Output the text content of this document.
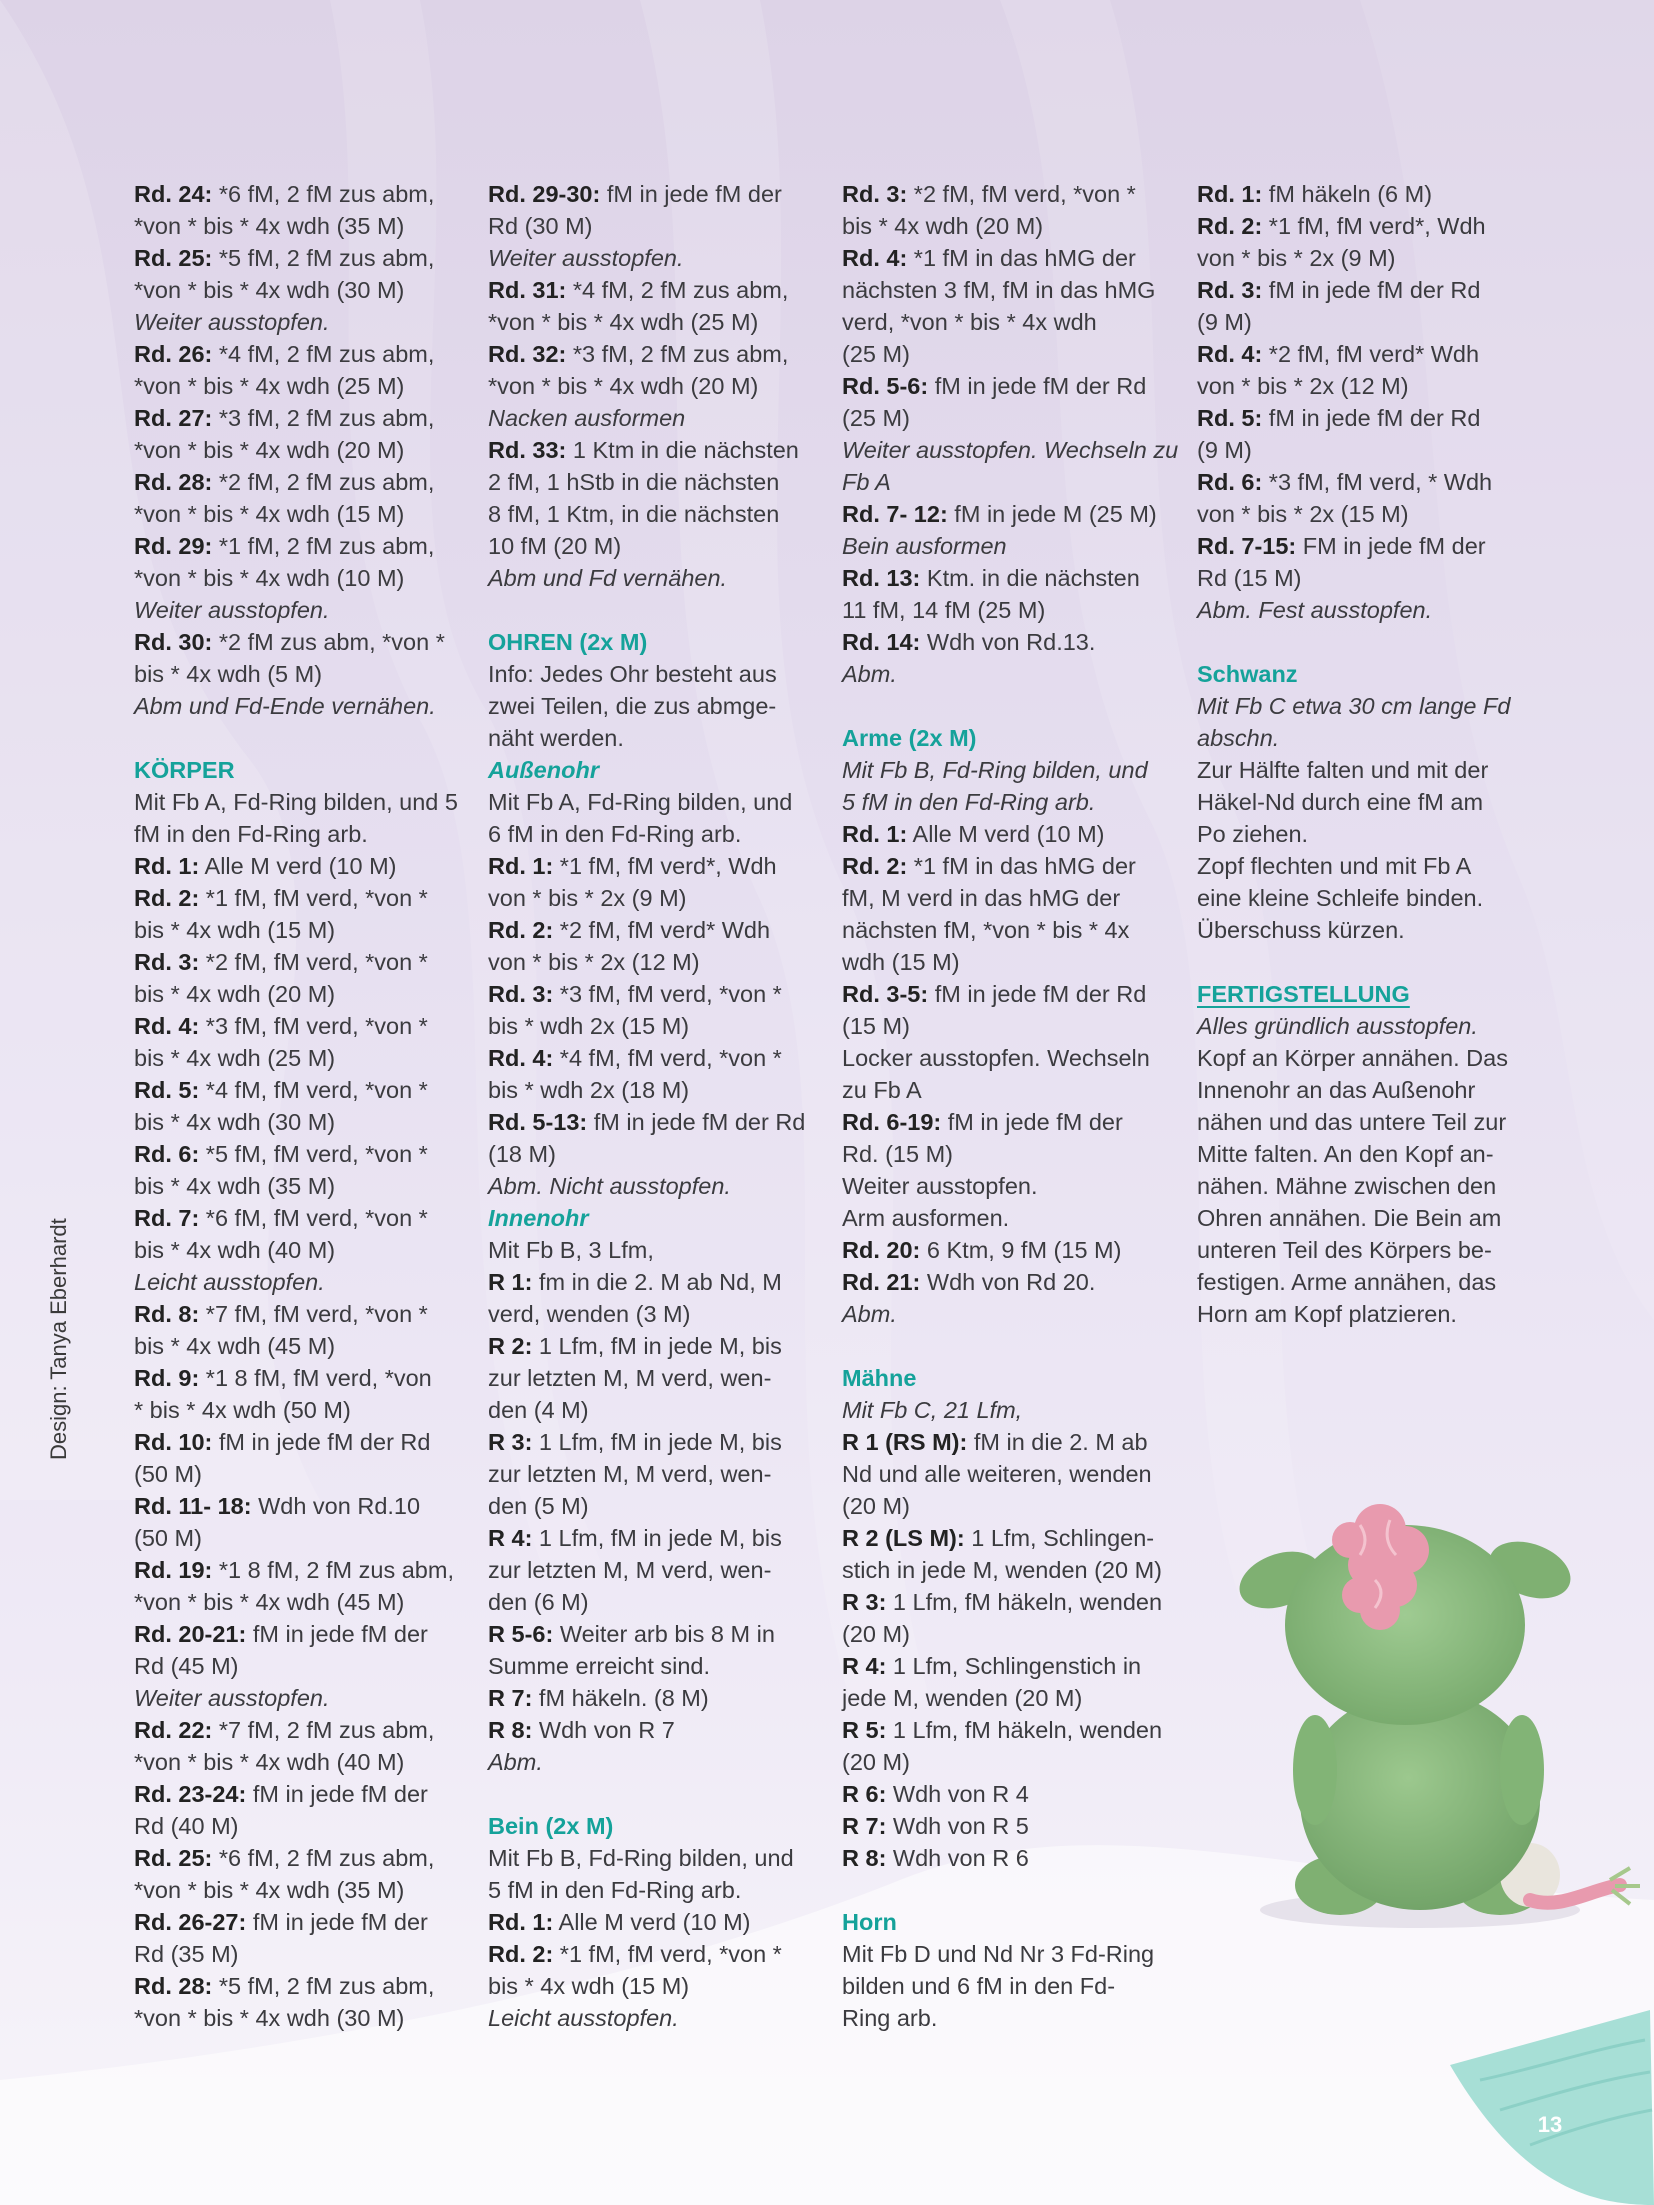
Design: Tanya Eberhardt
Rd. 24: *6 fM, 2 fM zus abm,
*von * bis * 4x wdh (35 M)
Rd. 25: *5 fM, 2 fM zus abm,
*von * bis * 4x wdh (30 M)
Weiter ausstopfen.
Rd. 26: *4 fM, 2 fM zus abm,
*von * bis * 4x wdh (25 M)
Rd. 27: *3 fM, 2 fM zus abm,
*von * bis * 4x wdh (20 M)
Rd. 28: *2 fM, 2 fM zus abm,
*von * bis * 4x wdh (15 M)
Rd. 29: *1 fM, 2 fM zus abm,
*von * bis * 4x wdh (10 M)
Weiter ausstopfen.
Rd. 30: *2 fM zus abm, *von *
bis * 4x wdh (5 M)
Abm und Fd-Ende vernähen.
KÖRPER
Mit Fb A, Fd-Ring bilden, und 5
fM in den Fd-Ring arb.
Rd. 1: Alle M verd (10 M)
Rd. 2: *1 fM, fM verd, *von *
bis * 4x wdh (15 M)
Rd. 3: *2 fM, fM verd, *von *
bis * 4x wdh (20 M)
Rd. 4: *3 fM, fM verd, *von *
bis * 4x wdh (25 M)
Rd. 5: *4 fM, fM verd, *von *
bis * 4x wdh (30 M)
Rd. 6: *5 fM, fM verd, *von *
bis * 4x wdh (35 M)
Rd. 7: *6 fM, fM verd, *von *
bis * 4x wdh (40 M)
Leicht ausstopfen.
Rd. 8: *7 fM, fM verd, *von *
bis * 4x wdh (45 M)
Rd. 9: *1 8 fM, fM verd, *von
* bis * 4x wdh (50 M)
Rd. 10: fM in jede fM der Rd
(50 M)
Rd. 11- 18: Wdh von Rd.10
(50 M)
Rd. 19: *1 8 fM, 2 fM zus abm,
*von * bis * 4x wdh (45 M)
Rd. 20-21: fM in jede fM der
Rd (45 M)
Weiter ausstopfen.
Rd. 22: *7 fM, 2 fM zus abm,
*von * bis * 4x wdh (40 M)
Rd. 23-24: fM in jede fM der
Rd (40 M)
Rd. 25: *6 fM, 2 fM zus abm,
*von * bis * 4x wdh (35 M)
Rd. 26-27: fM in jede fM der
Rd (35 M)
Rd. 28: *5 fM, 2 fM zus abm,
*von * bis * 4x wdh (30 M)
Rd. 29-30: fM in jede fM der
Rd (30 M)
Weiter ausstopfen.
Rd. 31: *4 fM, 2 fM zus abm,
*von * bis * 4x wdh (25 M)
Rd. 32: *3 fM, 2 fM zus abm,
*von * bis * 4x wdh (20 M)
Nacken ausformen
Rd. 33: 1 Ktm in die nächsten
2 fM, 1 hStb in die nächsten
8 fM, 1 Ktm, in die nächsten
10 fM (20 M)
Abm und Fd vernähen.
OHREN (2x M)
Info: Jedes Ohr besteht aus
zwei Teilen, die zus abmge-
näht werden.
Außenohr
Mit Fb A, Fd-Ring bilden, und
6 fM in den Fd-Ring arb.
Rd. 1: *1 fM, fM verd*, Wdh
von * bis * 2x (9 M)
Rd. 2: *2 fM, fM verd* Wdh
von * bis * 2x (12 M)
Rd. 3: *3 fM, fM verd, *von *
bis * wdh 2x (15 M)
Rd. 4: *4 fM, fM verd, *von *
bis * wdh 2x (18 M)
Rd. 5-13: fM in jede fM der Rd
(18 M)
Abm. Nicht ausstopfen.
Innenohr
Mit Fb B, 3 Lfm,
R 1: fm in die 2. M ab Nd, M
verd, wenden (3 M)
R 2: 1 Lfm, fM in jede M, bis
zur letzten M, M verd, wen-
den (4 M)
R 3: 1 Lfm, fM in jede M, bis
zur letzten M, M verd, wen-
den (5 M)
R 4: 1 Lfm, fM in jede M, bis
zur letzten M, M verd, wen-
den (6 M)
R 5-6: Weiter arb bis 8 M in
Summe erreicht sind.
R 7: fM häkeln. (8 M)
R 8: Wdh von R 7
Abm.
Bein (2x M)
Mit Fb B, Fd-Ring bilden, und
5 fM in den Fd-Ring arb.
Rd. 1: Alle M verd (10 M)
Rd. 2: *1 fM, fM verd, *von *
bis * 4x wdh (15 M)
Leicht ausstopfen.
Rd. 3: *2 fM, fM verd, *von *
bis * 4x wdh (20 M)
Rd. 4: *1 fM in das hMG der
nächsten 3 fM, fM in das hMG
verd, *von * bis * 4x wdh
(25 M)
Rd. 5-6: fM in jede fM der Rd
(25 M)
Weiter ausstopfen. Wechseln zu
Fb A
Rd. 7- 12: fM in jede M (25 M)
Bein ausformen
Rd. 13: Ktm. in die nächsten
11 fM, 14 fM (25 M)
Rd. 14: Wdh von Rd.13.
Abm.
Arme (2x M)
Mit Fb B, Fd-Ring bilden, und
5 fM in den Fd-Ring arb.
Rd. 1: Alle M verd (10 M)
Rd. 2: *1 fM in das hMG der
fM, M verd in das hMG der
nächsten fM, *von * bis * 4x
wdh (15 M)
Rd. 3-5: fM in jede fM der Rd
(15 M)
Locker ausstopfen. Wechseln
zu Fb A
Rd. 6-19: fM in jede fM der
Rd. (15 M)
Weiter ausstopfen.
Arm ausformen.
Rd. 20: 6 Ktm, 9 fM (15 M)
Rd. 21: Wdh von Rd 20.
Abm.
Mähne
Mit Fb C, 21 Lfm,
R 1 (RS M): fM in die 2. M ab
Nd und alle weiteren, wenden
(20 M)
R 2 (LS M): 1 Lfm, Schlingen-
stich in jede M, wenden (20 M)
R 3: 1 Lfm, fM häkeln, wenden
(20 M)
R 4: 1 Lfm, Schlingenstich in
jede M, wenden (20 M)
R 5: 1 Lfm, fM häkeln, wenden
(20 M)
R 6: Wdh von R 4
R 7: Wdh von R 5
R 8: Wdh von R 6
Horn
Mit Fb D und Nd Nr 3 Fd-Ring
bilden und 6 fM in den Fd-
Ring arb.
Rd. 1: fM häkeln (6 M)
Rd. 2: *1 fM, fM verd*, Wdh
von * bis * 2x (9 M)
Rd. 3: fM in jede fM der Rd
(9 M)
Rd. 4: *2 fM, fM verd* Wdh
von * bis * 2x (12 M)
Rd. 5: fM in jede fM der Rd
(9 M)
Rd. 6: *3 fM, fM verd, * Wdh
von * bis * 2x (15 M)
Rd. 7-15: FM in jede fM der
Rd (15 M)
Abm. Fest ausstopfen.
Schwanz
Mit Fb C etwa 30 cm lange Fd
abschn.
Zur Hälfte falten und mit der
Häkel-Nd durch eine fM am
Po ziehen.
Zopf flechten und mit Fb A
eine kleine Schleife binden.
Überschuss kürzen.
FERTIGSTELLUNG
Alles gründlich ausstopfen.
Kopf an Körper annähen. Das
Innenohr an das Außenohr
nähen und das untere Teil zur
Mitte falten. An den Kopf an-
nähen. Mähne zwischen den
Ohren annähen. Die Bein am
unteren Teil des Körpers be-
festigen. Arme annähen, das
Horn am Kopf platzieren.
13
